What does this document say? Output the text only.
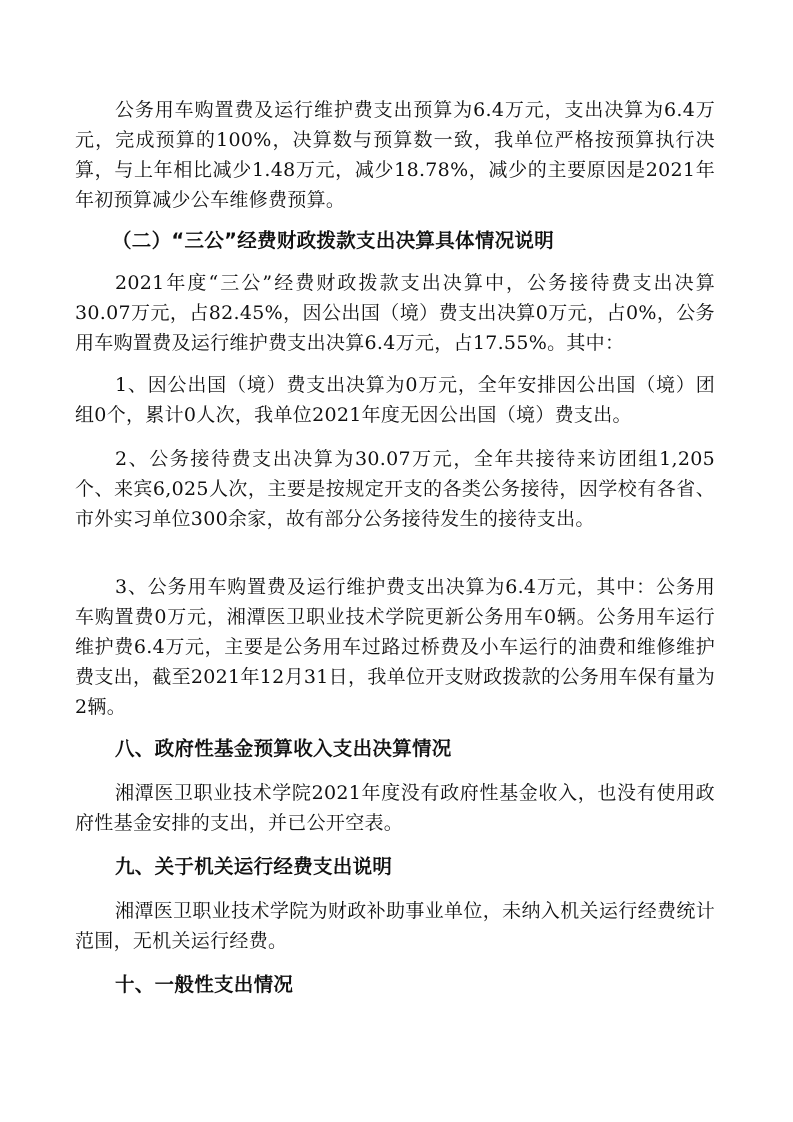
公务用车购置费及运行维护费支出预算为6.4万元，支出决算为6.4万元，完成预算的100%，决算数与预算数一致，我单位严格按预算执行决算，与上年相比减少1.48万元，减少18.78%，减少的主要原因是2021年年初预算减少公车维修费预算。
（二）“三公”经费财政拨款支出决算具体情况说明
2021年度“三公”经费财政拨款支出决算中，公务接待费支出决算30.07万元，占82.45%，因公出国（境）费支出决算0万元，占0%，公务用车购置费及运行维护费支出决算6.4万元，占17.55%。其中：
1、因公出国（境）费支出决算为0万元，全年安排因公出国（境）团组0个，累计0人次，我单位2021年度无因公出国（境）费支出。
2、公务接待费支出决算为30.07万元，全年共接待来访团组1,205个、来宾6,025人次，主要是按规定开支的各类公务接待，因学校有各省、市外实习单位300余家，故有部分公务接待发生的接待支出。
3、公务用车购置费及运行维护费支出决算为6.4万元，其中：公务用车购置费0万元，湘潭医卫职业技术学院更新公务用车0辆。公务用车运行维护费6.4万元，主要是公务用车过路过桥费及小车运行的油费和维修维护费支出，截至2021年12月31日，我单位开支财政拨款的公务用车保有量为2辆。
八、政府性基金预算收入支出决算情况
湘潭医卫职业技术学院2021年度没有政府性基金收入，也没有使用政府性基金安排的支出，并已公开空表。
九、关于机关运行经费支出说明
湘潭医卫职业技术学院为财政补助事业单位，未纳入机关运行经费统计范围，无机关运行经费。
十、一般性支出情况
